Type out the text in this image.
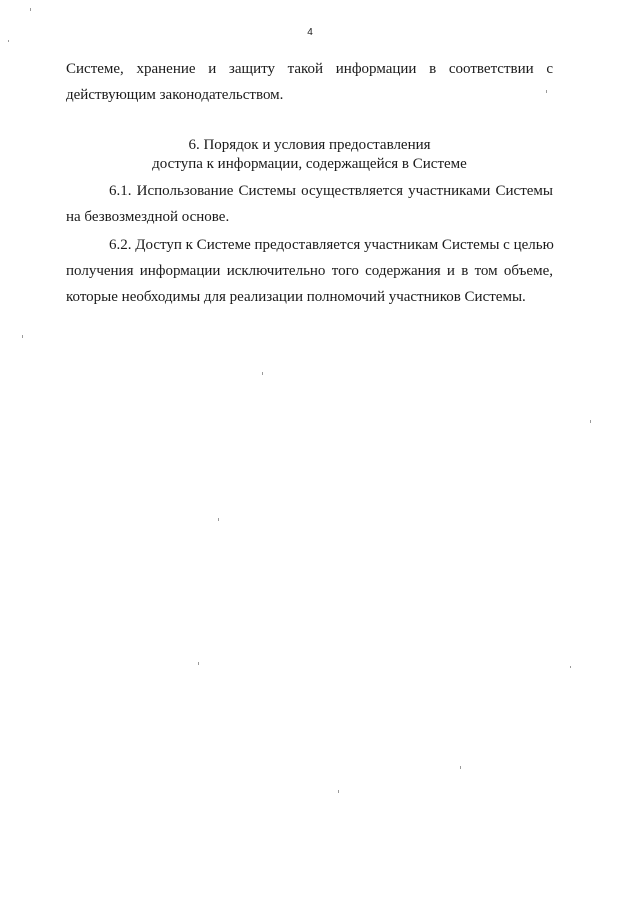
4
Системе, хранение и защиту такой информации в соответствии с
действующим законодательством.
6. Порядок и условия предоставления
доступа к информации, содержащейся в Системе
6.1. Использование Системы осуществляется участниками Системы
на безвозмездной основе.
6.2. Доступ к Системе предоставляется участникам Системы с целью
получения информации исключительно того содержания и в том объеме,
которые необходимы для реализации полномочий участников Системы.
